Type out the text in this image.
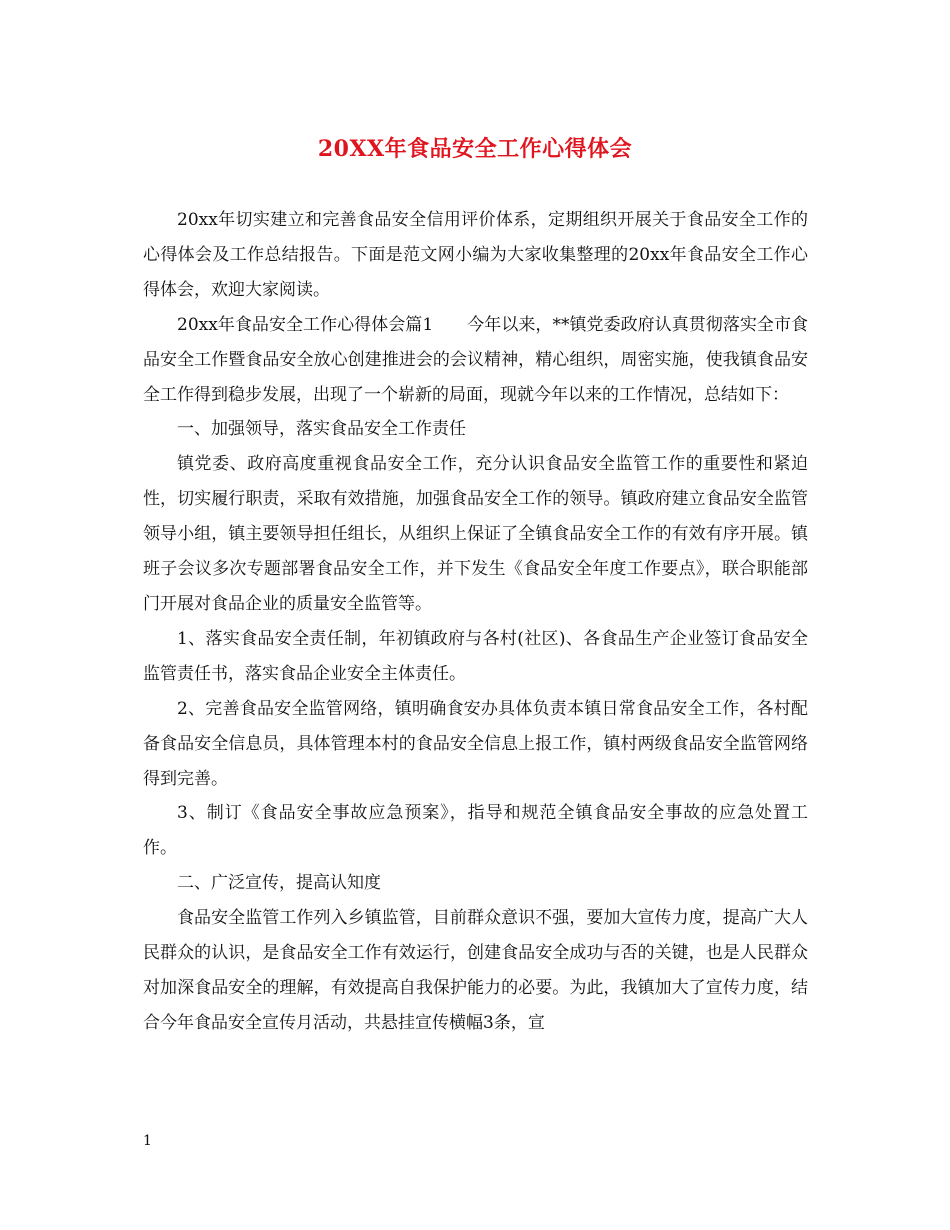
20XX年食品安全工作心得体会

20xx年切实建立和完善食品安全信用评价体系，定期组织开展关于食品安全工作的心得体会及工作总结报告。下面是范文网小编为大家收集整理的20xx年食品安全工作心得体会，欢迎大家阅读。

20xx年食品安全工作心得体会篇1　　今年以来，**镇党委政府认真贯彻落实全市食品安全工作暨食品安全放心创建推进会的会议精神，精心组织，周密实施，使我镇食品安全工作得到稳步发展，出现了一个崭新的局面，现就今年以来的工作情况，总结如下：

一、加强领导，落实食品安全工作责任

镇党委、政府高度重视食品安全工作，充分认识食品安全监管工作的重要性和紧迫性，切实履行职责，采取有效措施，加强食品安全工作的领导。镇政府建立食品安全监管领导小组，镇主要领导担任组长，从组织上保证了全镇食品安全工作的有效有序开展。镇班子会议多次专题部署食品安全工作，并下发生《食品安全年度工作要点》，联合职能部门开展对食品企业的质量安全监管等。

1、落实食品安全责任制，年初镇政府与各村(社区)、各食品生产企业签订食品安全监管责任书，落实食品企业安全主体责任。

2、完善食品安全监管网络，镇明确食安办具体负责本镇日常食品安全工作，各村配备食品安全信息员，具体管理本村的食品安全信息上报工作，镇村两级食品安全监管网络得到完善。

3、制订《食品安全事故应急预案》，指导和规范全镇食品安全事故的应急处置工作。

二、广泛宣传，提高认知度

食品安全监管工作列入乡镇监管，目前群众意识不强，要加大宣传力度，提高广大人民群众的认识，是食品安全工作有效运行，创建食品安全成功与否的关键，也是人民群众对加深食品安全的理解，有效提高自我保护能力的必要。为此，我镇加大了宣传力度，结合今年食品安全宣传月活动，共悬挂宣传横幅3条，宣

1
